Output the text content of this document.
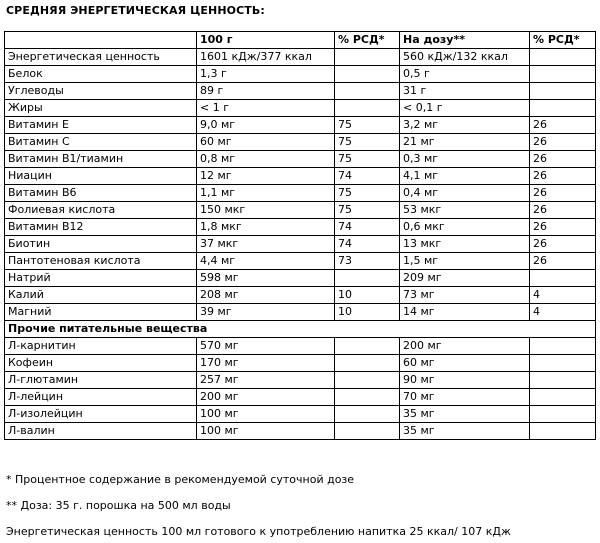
СРЕДНЯЯ ЭНЕРГЕТИЧЕСКАЯ ЦЕННОСТЬ:
	100 г	% РСД*	На дозу**	% РСД*
Энергетическая ценность	1601 кДж/377 ккал		560 кДж/132 ккал	
Белок	1,3 г		0,5 г	
Углеводы	89 г		31 г	
Жиры	< 1 г		< 0,1 г	
Витамин Е	9,0 мг	75	3,2 мг	26
Витамин С	60 мг	75	21 мг	26
Витамин В1/тиамин	0,8 мг	75	0,3 мг	26
Ниацин	12 мг	74	4,1 мг	26
Витамин В6	1,1 мг	75	0,4 мг	26
Фолиевая кислота	150 мкг	75	53 мкг	26
Витамин В12	1,8 мкг	74	0,6 мкг	26
Биотин	37 мкг	74	13 мкг	26
Пантотеновая кислота	4,4 мг	73	1,5 мг	26
Натрий	598 мг		209 мг	
Калий	208 мг	10	73 мг	4
Магний	39 мг	10	14 мг	4
Прочие питательные вещества				
Л-карнитин	570 мг		200 мг	
Кофеин	170 мг		60 мг	
Л-глютамин	257 мг		90 мг	
Л-лейцин	200 мг		70 мг	
Л-изолейцин	100 мг		35 мг	
Л-валин	100 мг		35 мг	
* Процентное содержание в рекомендуемой суточной дозе
** Доза: 35 г. порошка на 500 мл воды
Энергетическая ценность 100 мл готового к употреблению напитка 25 ккал/ 107 кДж
